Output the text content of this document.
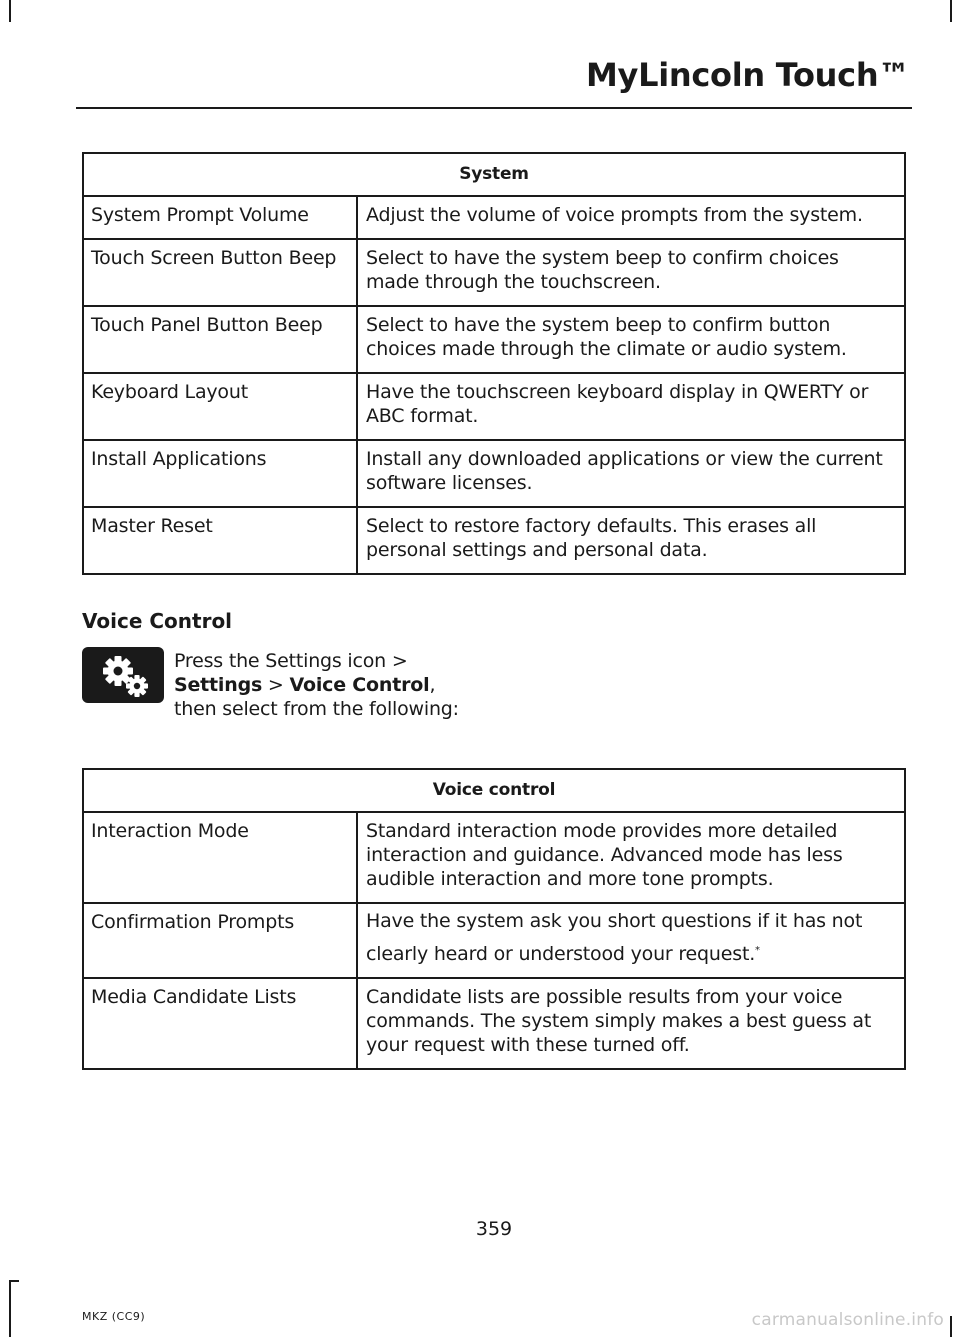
MyLincoln Touch™
System	
System Prompt Volume	Adjust the volume of voice prompts from the system.
Touch Screen Button Beep	Select to have the system beep to confirm choices made through the touchscreen.
Touch Panel Button Beep	Select to have the system beep to confirm button choices made through the climate or audio system.
Keyboard Layout	Have the touchscreen keyboard display in QWERTY or ABC format.
Install Applications	Install any downloaded applications or view the current software licenses.
Master Reset	Select to restore factory defaults. This erases all personal settings and personal data.
Voice Control

Press the Settings icon > Settings > Voice Control, then select from the following:

Voice control	
Interaction Mode	Standard interaction mode provides more detailed interaction and guidance. Advanced mode has less audible interaction and more tone prompts.
Confirmation Prompts	Have the system ask you short questions if it has not clearly heard or understood your request.*
Media Candidate Lists	Candidate lists are possible results from your voice commands. The system simply makes a best guess at your request with these turned off.
359
MKZ (CC9)	carmanualsonline.info
